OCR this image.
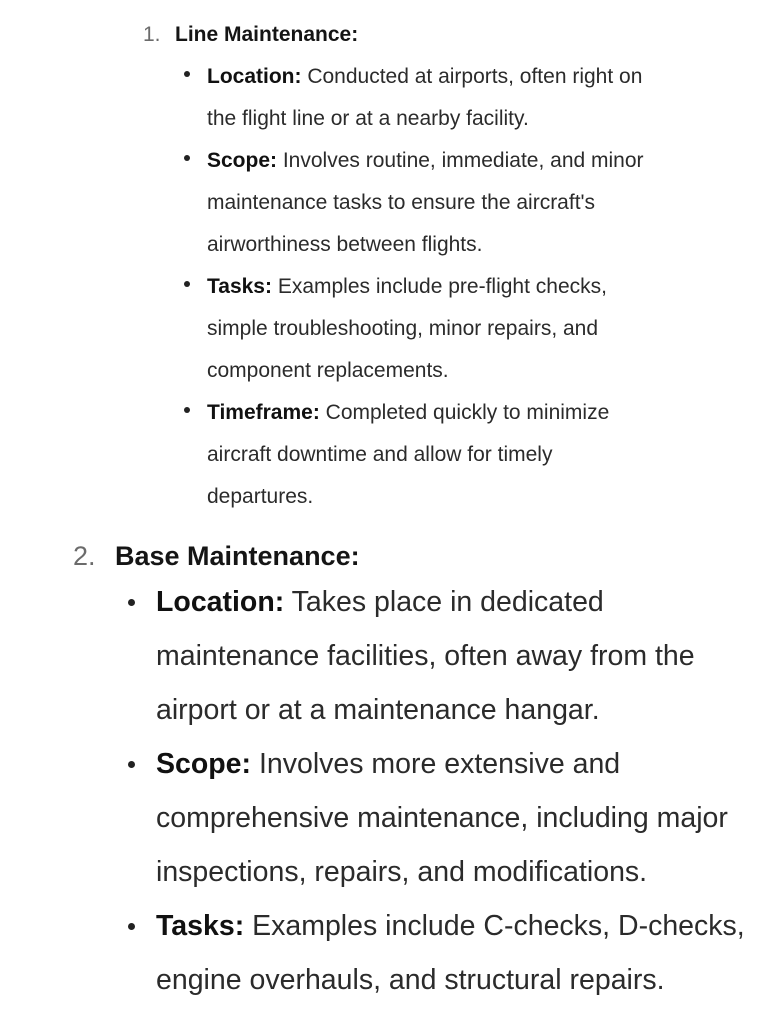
1. Line Maintenance:
Location: Conducted at airports, often right on the flight line or at a nearby facility.
Scope: Involves routine, immediate, and minor maintenance tasks to ensure the aircraft's airworthiness between flights.
Tasks: Examples include pre-flight checks, simple troubleshooting, minor repairs, and component replacements.
Timeframe: Completed quickly to minimize aircraft downtime and allow for timely departures.
2. Base Maintenance:
Location: Takes place in dedicated maintenance facilities, often away from the airport or at a maintenance hangar.
Scope: Involves more extensive and comprehensive maintenance, including major inspections, repairs, and modifications.
Tasks: Examples include C-checks, D-checks, engine overhauls, and structural repairs.
